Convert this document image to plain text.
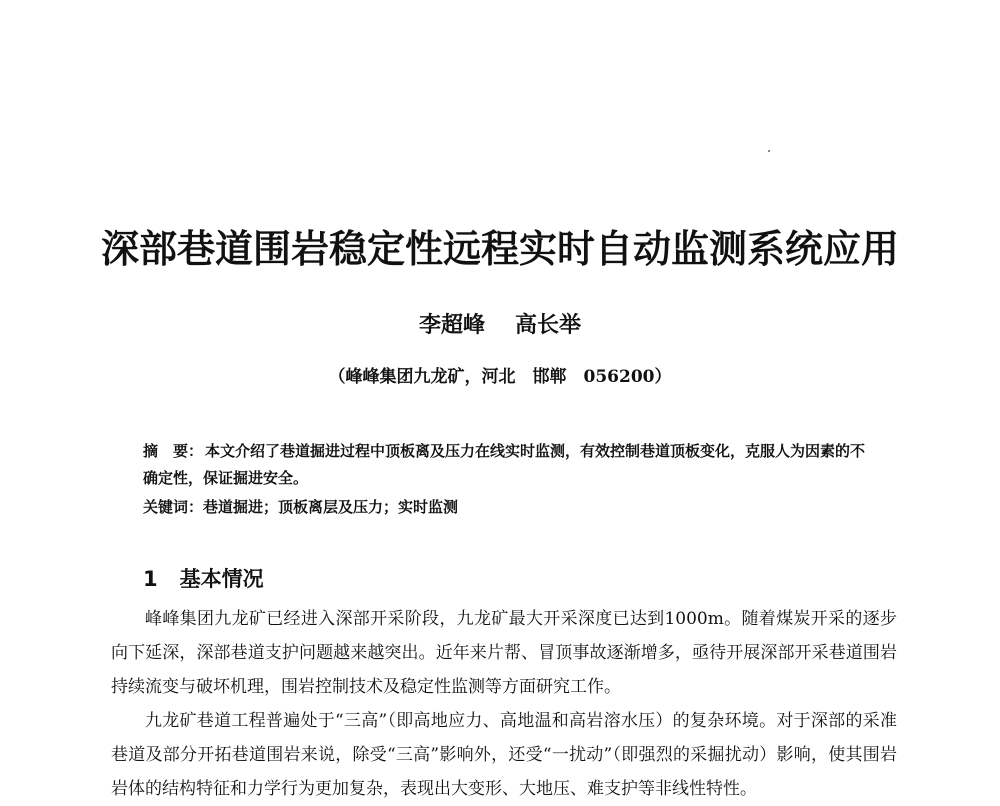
深部巷道围岩稳定性远程实时自动监测系统应用
李超峰 高长举
（峰峰集团九龙矿，河北　邯郸　056200）
摘　要： 本文介绍了巷道掘进过程中顶板离及压力在线实时监测，有效控制巷道顶板变化，克服人为因素的不确定性，保证掘进安全。
关键词：巷道掘进；顶板离层及压力；实时监测
1 基本情况

峰峰集团九龙矿已经进入深部开采阶段，九龙矿最大开采深度已达到1000m。随着煤炭开采的逐步向下延深，深部巷道支护问题越来越突出。近年来片帮、冒顶事故逐渐增多，亟待开展深部开采巷道围岩持续流变与破坏机理，围岩控制技术及稳定性监测等方面研究工作。

九龙矿巷道工程普遍处于“三高”（即高地应力、高地温和高岩溶水压）的复杂环境。对于深部的采准巷道及部分开拓巷道围岩来说，除受“三高”影响外，还受“一扰动”（即强烈的采掘扰动）影响，使其围岩岩体的结构特征和力学行为更加复杂，表现出大变形、大地压、难支护等非线性特性。
